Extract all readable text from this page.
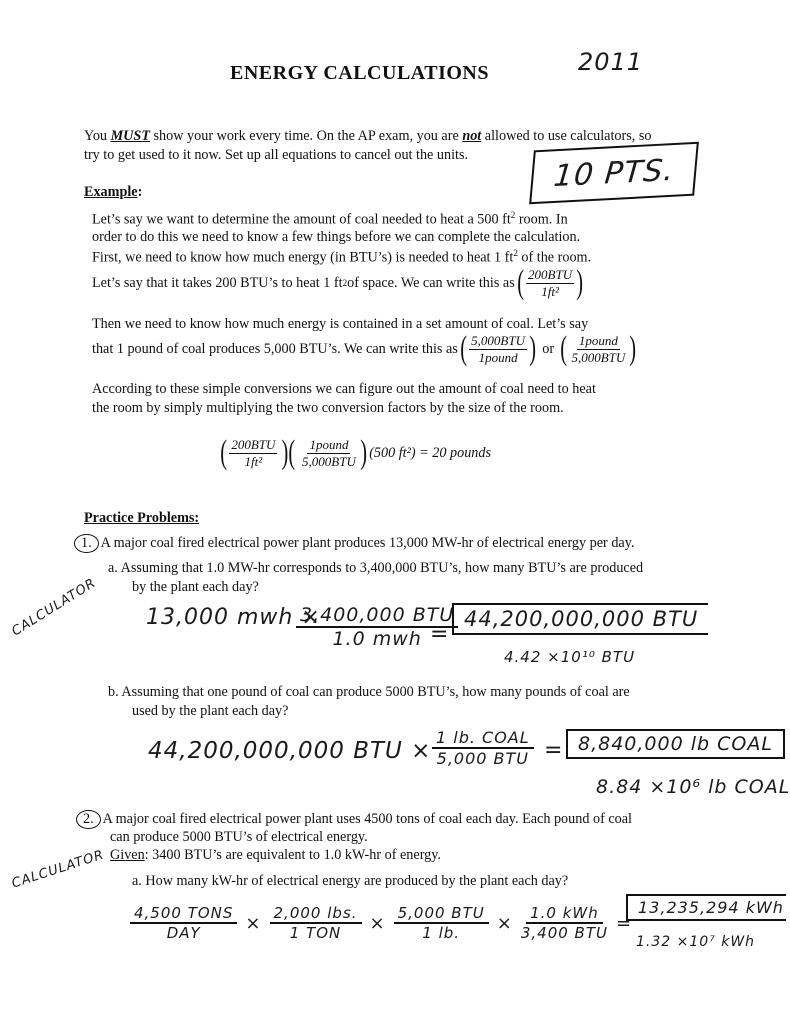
ENERGY CALCULATIONS	2011
You MUST show your work every time. On the AP exam, you are not allowed to use calculators, so
try to get used to it now. Set up all equations to cancel out the units.	10 PTS.
Example:
Let’s say we want to determine the amount of coal needed to heat a 500 $ft^2$ room. In
order to do this we need to know a few things before we can complete the calculation.
First, we need to know how much energy (in BTU’s) is needed to heat 1 $ft^2$ of the room.
Let’s say that it takes 200 BTU’s to heat 1 ft 2 of space. We can write this as ( $\frac{\text{200BTU}}{\text{1ft²}}$ )
Then we need to know how much energy is contained in a set amount of coal. Let’s say
that 1 pound of coal produces 5,000 BTU’s. We can write this as ( $\frac{\text{5,000BTU}}{\text{1pound}}$ ) or ( $\frac{\text{1pound}}{\text{5,000BTU}}$ )
According to these simple conversions we can figure out the amount of coal need to heat
the room by simply multiplying the two conversion factors by the size of the room.
( $\frac{\text{200BTU}}{\text{1ft²}}$ )( $\frac{\text{1pound}}{\text{5,000BTU}}$ ) (500 ft²) = 20 pounds
Practice Problems:
1. A major coal fired electrical power plant produces 13,000 MW-hr of electrical energy per day.
CALCULATOR
a. Assuming that 1.0 MW-hr corresponds to 3,400,000 BTU’s, how many BTU’s are produced
by the plant each day?
13,000 mwh ×
3,400,000 BTU
1.0 mwh =
44,200,000,000 BTU
4.42 ×10¹⁰ BTU
b. Assuming that one pound of coal can produce 5000 BTU’s, how many pounds of coal are
used by the plant each day?
44,200,000,000 BTU ×
1 lb. COAL
5,000 BTU = 8,840,000 lb COAL
8.84 ×10⁶ lb COAL
2. A major coal fired electrical power plant uses 4500 tons of coal each day. Each pound of coal
can produce 5000 BTU’s of electrical energy.
Given: 3400 BTU’s are equivalent to 1.0 kW-hr of energy.
CALCULATOR a. How many kW-hr of electrical energy are produced by the plant each day?
4,500 TONS
DAY × 2,000 lbs.
1 TON × 5,000 BTU
1 lb. × 1.0 kWh
3,400 BTU =
13,235,294 kWh
1.32 ×10⁷ kWh
